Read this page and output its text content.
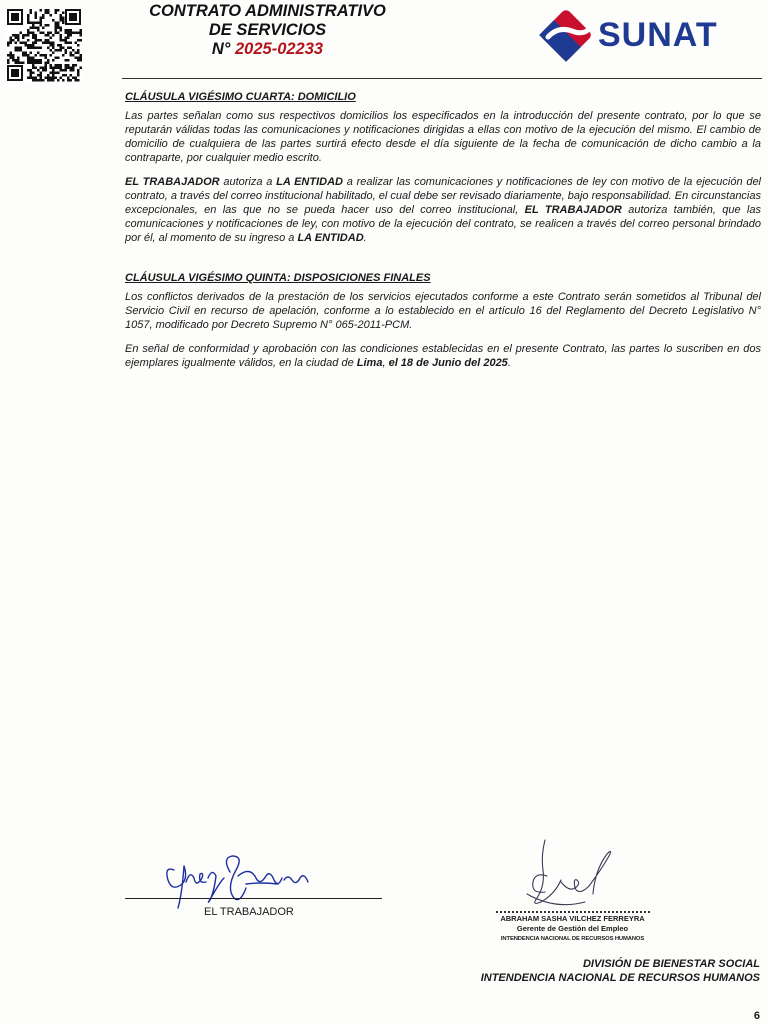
CONTRATO ADMINISTRATIVO
DE SERVICIOS
N° 2025-02233	SUNAT
CLÁUSULA VIGÉSIMO CUARTA: DOMICILIO

Las partes señalan como sus respectivos domicilios los especificados en la introducción del presente contrato, por lo que se reputarán válidas todas las comunicaciones y notificaciones dirigidas a ellas con motivo de la ejecución del mismo. El cambio de domicilio de cualquiera de las partes surtirá efecto desde el día siguiente de la fecha de comunicación de dicho cambio a la contraparte, por cualquier medio escrito.

EL TRABAJADOR autoriza a LA ENTIDAD a realizar las comunicaciones y notificaciones de ley con motivo de la ejecución del contrato, a través del correo institucional habilitado, el cual debe ser revisado diariamente, bajo responsabilidad. En circunstancias excepcionales, en las que no se pueda hacer uso del correo institucional, EL TRABAJADOR autoriza también, que las comunicaciones y notificaciones de ley, con motivo de la ejecución del contrato, se realicen a través del correo personal brindado por él, al momento de su ingreso a LA ENTIDAD.

CLÁUSULA VIGÉSIMO QUINTA: DISPOSICIONES FINALES

Los conflictos derivados de la prestación de los servicios ejecutados conforme a este Contrato serán sometidos al Tribunal del Servicio Civil en recurso de apelación, conforme a lo establecido en el artículo 16 del Reglamento del Decreto Legislativo N° 1057, modificado por Decreto Supremo N° 065-2011-PCM.

En señal de conformidad y aprobación con las condiciones establecidas en el presente Contrato, las partes lo suscriben en dos ejemplares igualmente válidos, en la ciudad de Lima, el 18 de Junio del 2025.

EL TRABAJADOR
ABRAHAM SASHA VILCHEZ FERREYRA
Gerente de Gestión del Empleo
INTENDENCIA NACIONAL DE RECURSOS HUMANOS
DIVISIÓN DE BIENESTAR SOCIAL
INTENDENCIA NACIONAL DE RECURSOS HUMANOS
6
